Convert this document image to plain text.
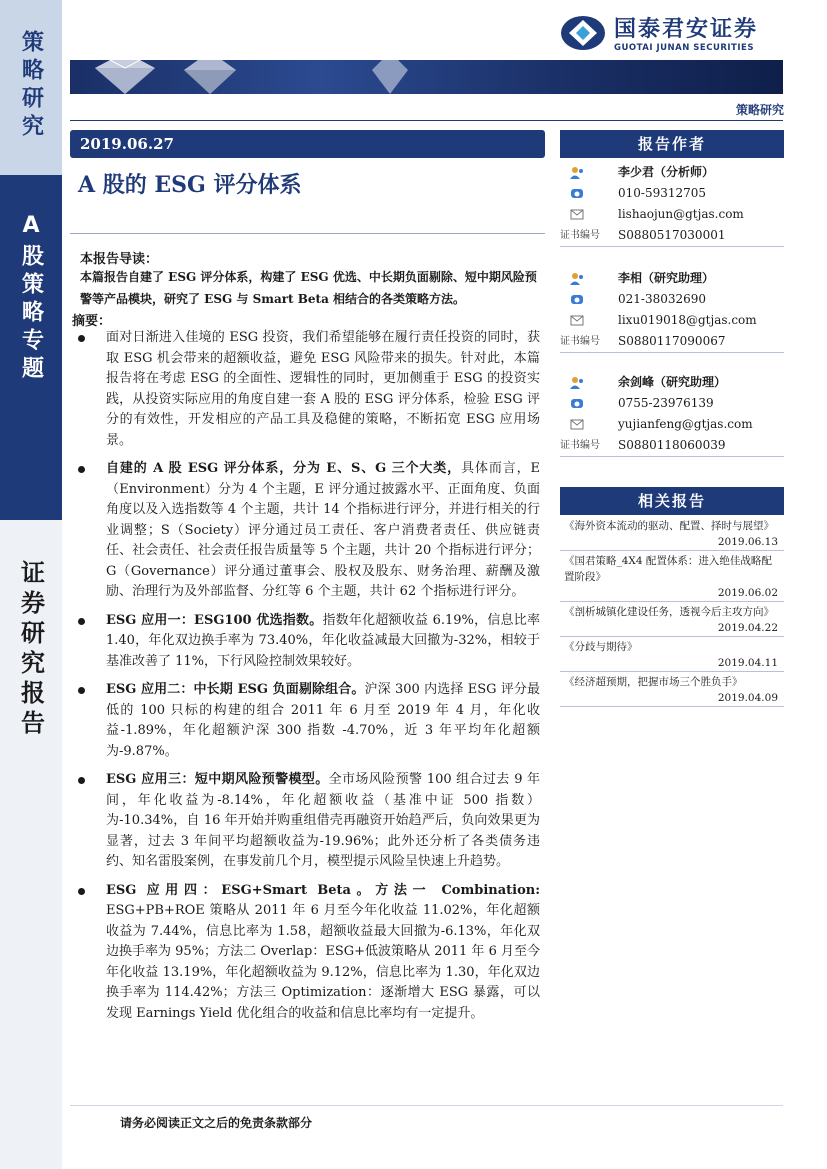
策略研究
A股策略专题
证券研究报告
国泰君安证券
GUOTAI JUNAN SECURITIES
策略研究
2019.06.27
A 股的 ESG 评分体系
本报告导读：
本篇报告自建了 ESG 评分体系，构建了 ESG 优选、中长期负面剔除、短中期风险预警等产品模块，研究了 ESG 与 Smart Beta 相结合的各类策略方法。
摘要：
面对日渐进入佳境的 ESG 投资，我们希望能够在履行责任投资的同时，获取 ESG 机会带来的超额收益，避免 ESG 风险带来的损失。针对此，本篇报告将在考虑 ESG 的全面性、逻辑性的同时，更加侧重于 ESG 的投资实践，从投资实际应用的角度自建一套 A 股的 ESG 评分体系，检验 ESG 评分的有效性，开发相应的产品工具及稳健的策略，不断拓宽 ESG 应用场景。
自建的 A 股 ESG 评分体系，分为 E、S、G 三个大类，具体而言，E（Environment）分为 4 个主题，E 评分通过披露水平、正面角度、负面角度以及入选指数等 4 个主题，共计 14 个指标进行评分，并进行相关的行业调整；S（Society）评分通过员工责任、客户消费者责任、供应链责任、社会责任、社会责任报告质量等 5 个主题，共计 20 个指标进行评分；G（Governance）评分通过董事会、股权及股东、财务治理、薪酬及激励、治理行为及外部监督、分红等 6 个主题，共计 62 个指标进行评分。
ESG 应用一：ESG100 优选指数。指数年化超额收益 6.19%，信息比率 1.40，年化双边换手率为 73.40%，年化收益减最大回撤为-32%，相较于基准改善了 11%，下行风险控制效果较好。
ESG 应用二：中长期 ESG 负面剔除组合。沪深 300 内选择 ESG 评分最低的 100 只标的构建的组合 2011 年 6 月至 2019 年 4 月，年化收益-1.89%，年化超额沪深 300 指数 -4.70%，近 3 年平均年化超额为-9.87%。
ESG 应用三：短中期风险预警模型。全市场风险预警 100 组合过去 9 年间，年化收益为-8.14%，年化超额收益（基准中证 500 指数）为-10.34%，自 16 年开始并购重组借壳再融资开始趋严后，负向效果更为显著，过去 3 年间平均超额收益为-19.96%；此外还分析了各类债务违约、知名雷股案例，在事发前几个月，模型提示风险呈快速上升趋势。
ESG 应用四：ESG+Smart Beta。方法一 Combination: ESG+PB+ROE 策略从 2011 年 6 月至今年化收益 11.02%，年化超额收益为 7.44%，信息比率为 1.58，超额收益最大回撤为-6.13%，年化双边换手率为 95%；方法二 Overlap：ESG+低波策略从 2011 年 6 月至今年化收益 13.19%，年化超额收益为 9.12%，信息比率为 1.30，年化双边换手率为 114.42%；方法三 Optimization：逐渐增大 ESG 暴露，可以发现 Earnings Yield 优化组合的收益和信息比率均有一定提升。
报告作者
李少君（分析师）
010-59312705
lishaojun@gtjas.com
证书编号 S0880517030001
李相（研究助理）
021-38032690
lixu019018@gtjas.com
证书编号 S0880117090067
余剑峰（研究助理）
0755-23976139
yujianfeng@gtjas.com
证书编号 S0880118060039
相关报告
《海外资本流动的驱动、配置、择时与展望》
2019.06.13
《国君策略_4X4 配置体系：进入绝佳战略配置阶段》
2019.06.02
《剖析城镇化建设任务，透视今后主攻方向》
2019.04.22
《分歧与期待》
2019.04.11
《经济超预期，把握市场三个胜负手》
2019.04.09
请务必阅读正文之后的免责条款部分
